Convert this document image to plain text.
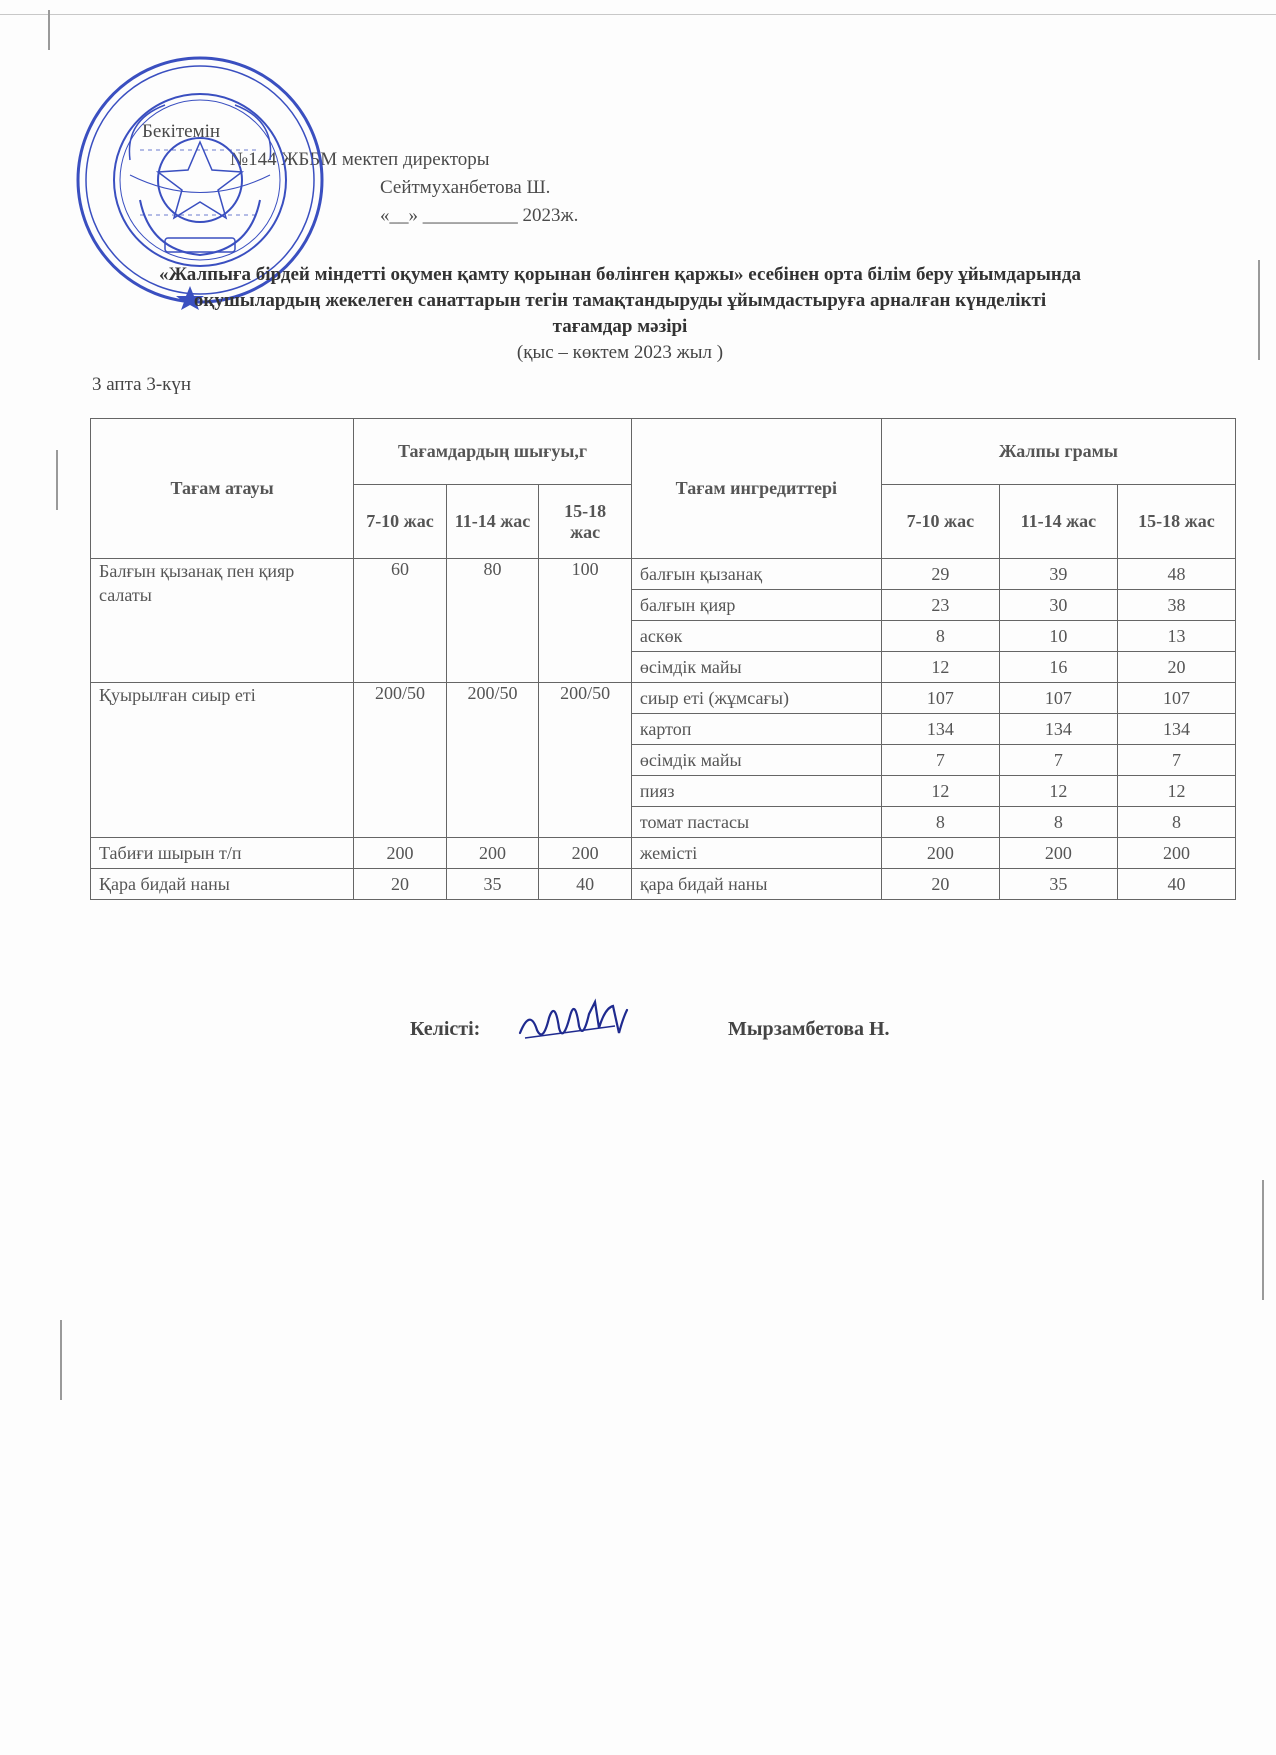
Бекітемін
№144 ЖББМ мектеп директоры
Сейтмуханбетова Ш.
«__» __________ 2023ж.
«Жалпыға бірдей міндетті оқумен қамту қорынан бөлінген қаржы» есебінен орта білім беру ұйымдарында
оқушылардың жекелеген санаттарын тегін тамақтандыруды ұйымдастыруға арналған күнделікті
тағамдар мәзірі
(қыс – көктем 2023 жыл )
3 апта 3-күн
Тағам атауы	Тағамдардың шығуы,г			Тағам ингредиттері	Жалпы грамы		
	7-10 жас	11-14 жас	15-18 жас		7-10 жас	11-14 жас	15-18 жас
Балғын қызанақ пен қияр салаты	60	80	100	балғын қызанақ	29	39	48
				балғын қияр	23	30	38
				аскөк	8	10	13
				өсімдік майы	12	16	20
Қуырылған сиыр еті	200/50	200/50	200/50	сиыр еті (жұмсағы)	107	107	107
				картоп	134	134	134
				өсімдік майы	7	7	7
				пияз	12	12	12
				томат пастасы	8	8	8
Табиғи шырын т/п	200	200	200	жемісті	200	200	200
Қара бидай наны	20	35	40	қара бидай наны	20	35	40
Келісті:	Мырзамбетова Н.
